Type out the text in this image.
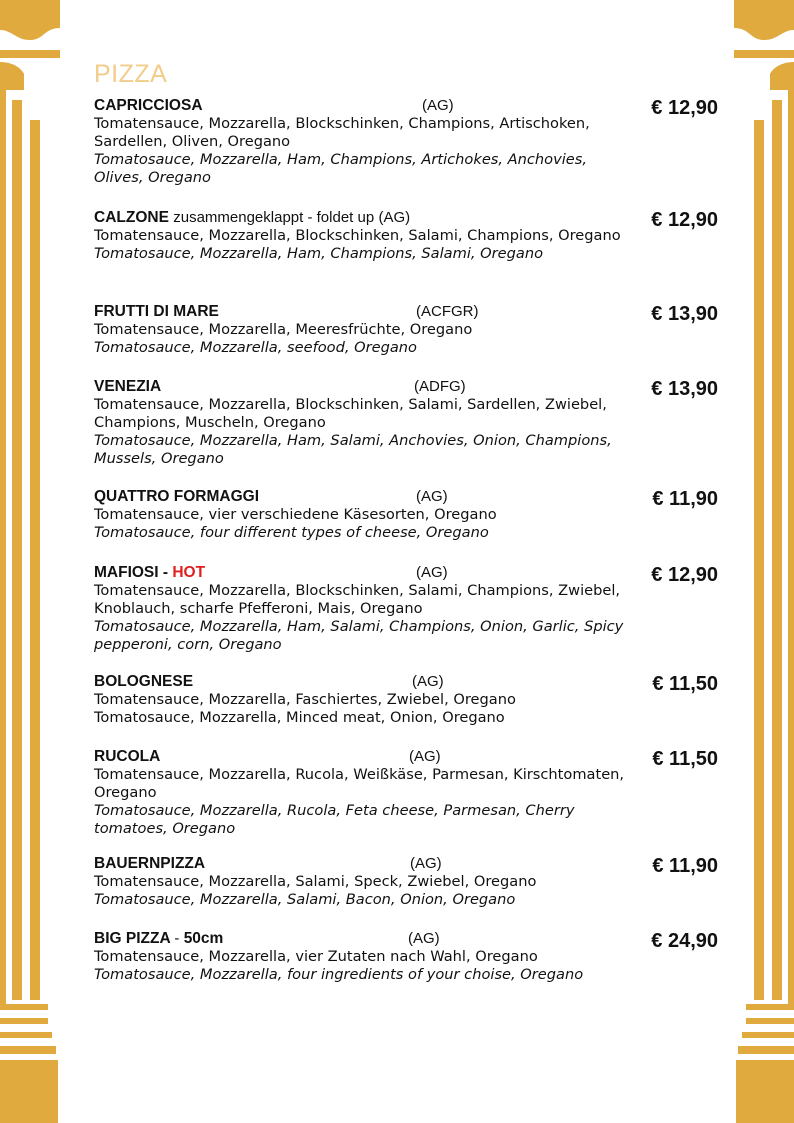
PIZZA
CAPRICCIOSA	(AG)	€ 12,90
Tomatensauce, Mozzarella, Blockschinken, Champions, Artischoken, Sardellen, Oliven, Oregano
Tomatosauce, Mozzarella, Ham, Champions, Artichokes, Anchovies, Olives, Oregano
CALZONE zusammengeklappt - foldet up (AG)	€ 12,90
Tomatensauce, Mozzarella, Blockschinken, Salami, Champions, Oregano
Tomatosauce, Mozzarella, Ham, Champions, Salami, Oregano
FRUTTI DI MARE	(ACFGR)	€ 13,90
Tomatensauce, Mozzarella, Meeresfrüchte, Oregano
Tomatosauce, Mozzarella, seefood, Oregano
VENEZIA	(ADFG)	€ 13,90
Tomatensauce, Mozzarella, Blockschinken, Salami, Sardellen, Zwiebel, Champions, Muscheln, Oregano
Tomatosauce, Mozzarella, Ham, Salami, Anchovies, Onion, Champions, Mussels, Oregano
QUATTRO FORMAGGI	(AG)	€ 11,90
Tomatensauce, vier verschiedene Käsesorten, Oregano
Tomatosauce, four different types of cheese, Oregano
MAFIOSI - HOT	(AG)	€ 12,90
Tomatensauce, Mozzarella, Blockschinken, Salami, Champions, Zwiebel, Knoblauch, scharfe Pfefferoni, Mais, Oregano
Tomatosauce, Mozzarella, Ham, Salami, Champions, Onion, Garlic, Spicy pepperoni, corn, Oregano
BOLOGNESE	(AG)	€ 11,50
Tomatensauce, Mozzarella, Faschiertes, Zwiebel, Oregano
Tomatosauce, Mozzarella, Minced meat, Onion, Oregano
RUCOLA	(AG)	€ 11,50
Tomatensauce, Mozzarella, Rucola, Weißkäse, Parmesan, Kirschtomaten, Oregano
Tomatosauce, Mozzarella, Rucola, Feta cheese, Parmesan, Cherry tomatoes, Oregano
BAUERNPIZZA	(AG)	€ 11,90
Tomatensauce, Mozzarella, Salami, Speck, Zwiebel, Oregano
Tomatosauce, Mozzarella, Salami, Bacon, Onion, Oregano
BIG PIZZA - 50cm	(AG)	€ 24,90
Tomatensauce, Mozzarella, vier Zutaten nach Wahl, Oregano
Tomatosauce, Mozzarella, four ingredients of your choise, Oregano
